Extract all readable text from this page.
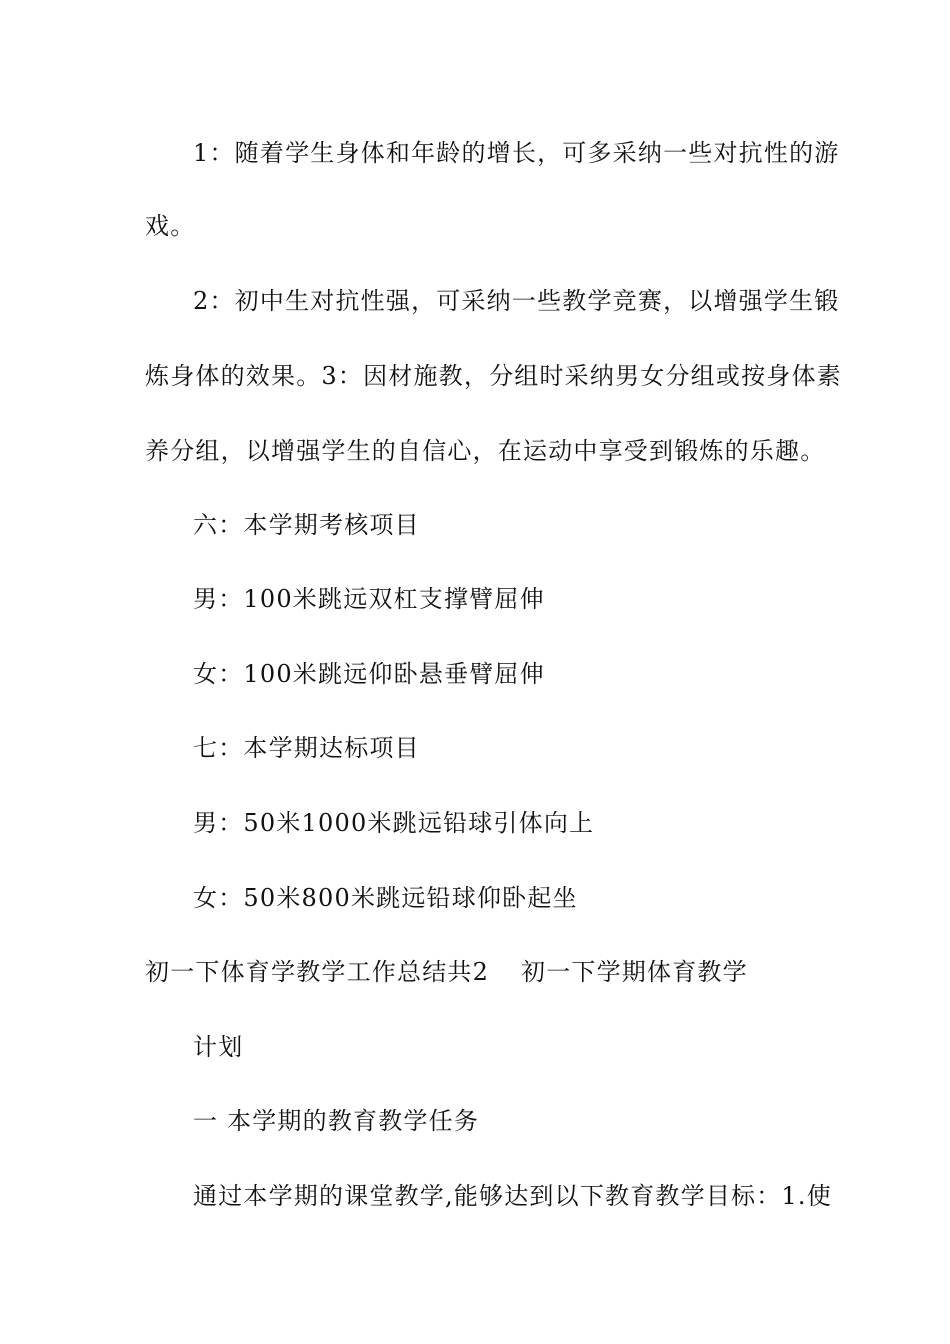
1：随着学生身体和年龄的增长，可多采纳一些对抗性的游
戏。
2：初中生对抗性强，可采纳一些教学竞赛，以增强学生锻
炼身体的效果。3：因材施教，分组时采纳男女分组或按身体素
养分组，以增强学生的自信心，在运动中享受到锻炼的乐趣。
六：本学期考核项目
男：100米跳远双杠支撑臂屈伸
女：100米跳远仰卧悬垂臂屈伸
七：本学期达标项目
男：50米1000米跳远铅球引体向上
女：50米800米跳远铅球仰卧起坐
初一下体育学教学工作总结共2 初一下学期体育教学
计划
一 本学期的教育教学任务
通过本学期的课堂教学,能够达到以下教育教学目标：1.使
